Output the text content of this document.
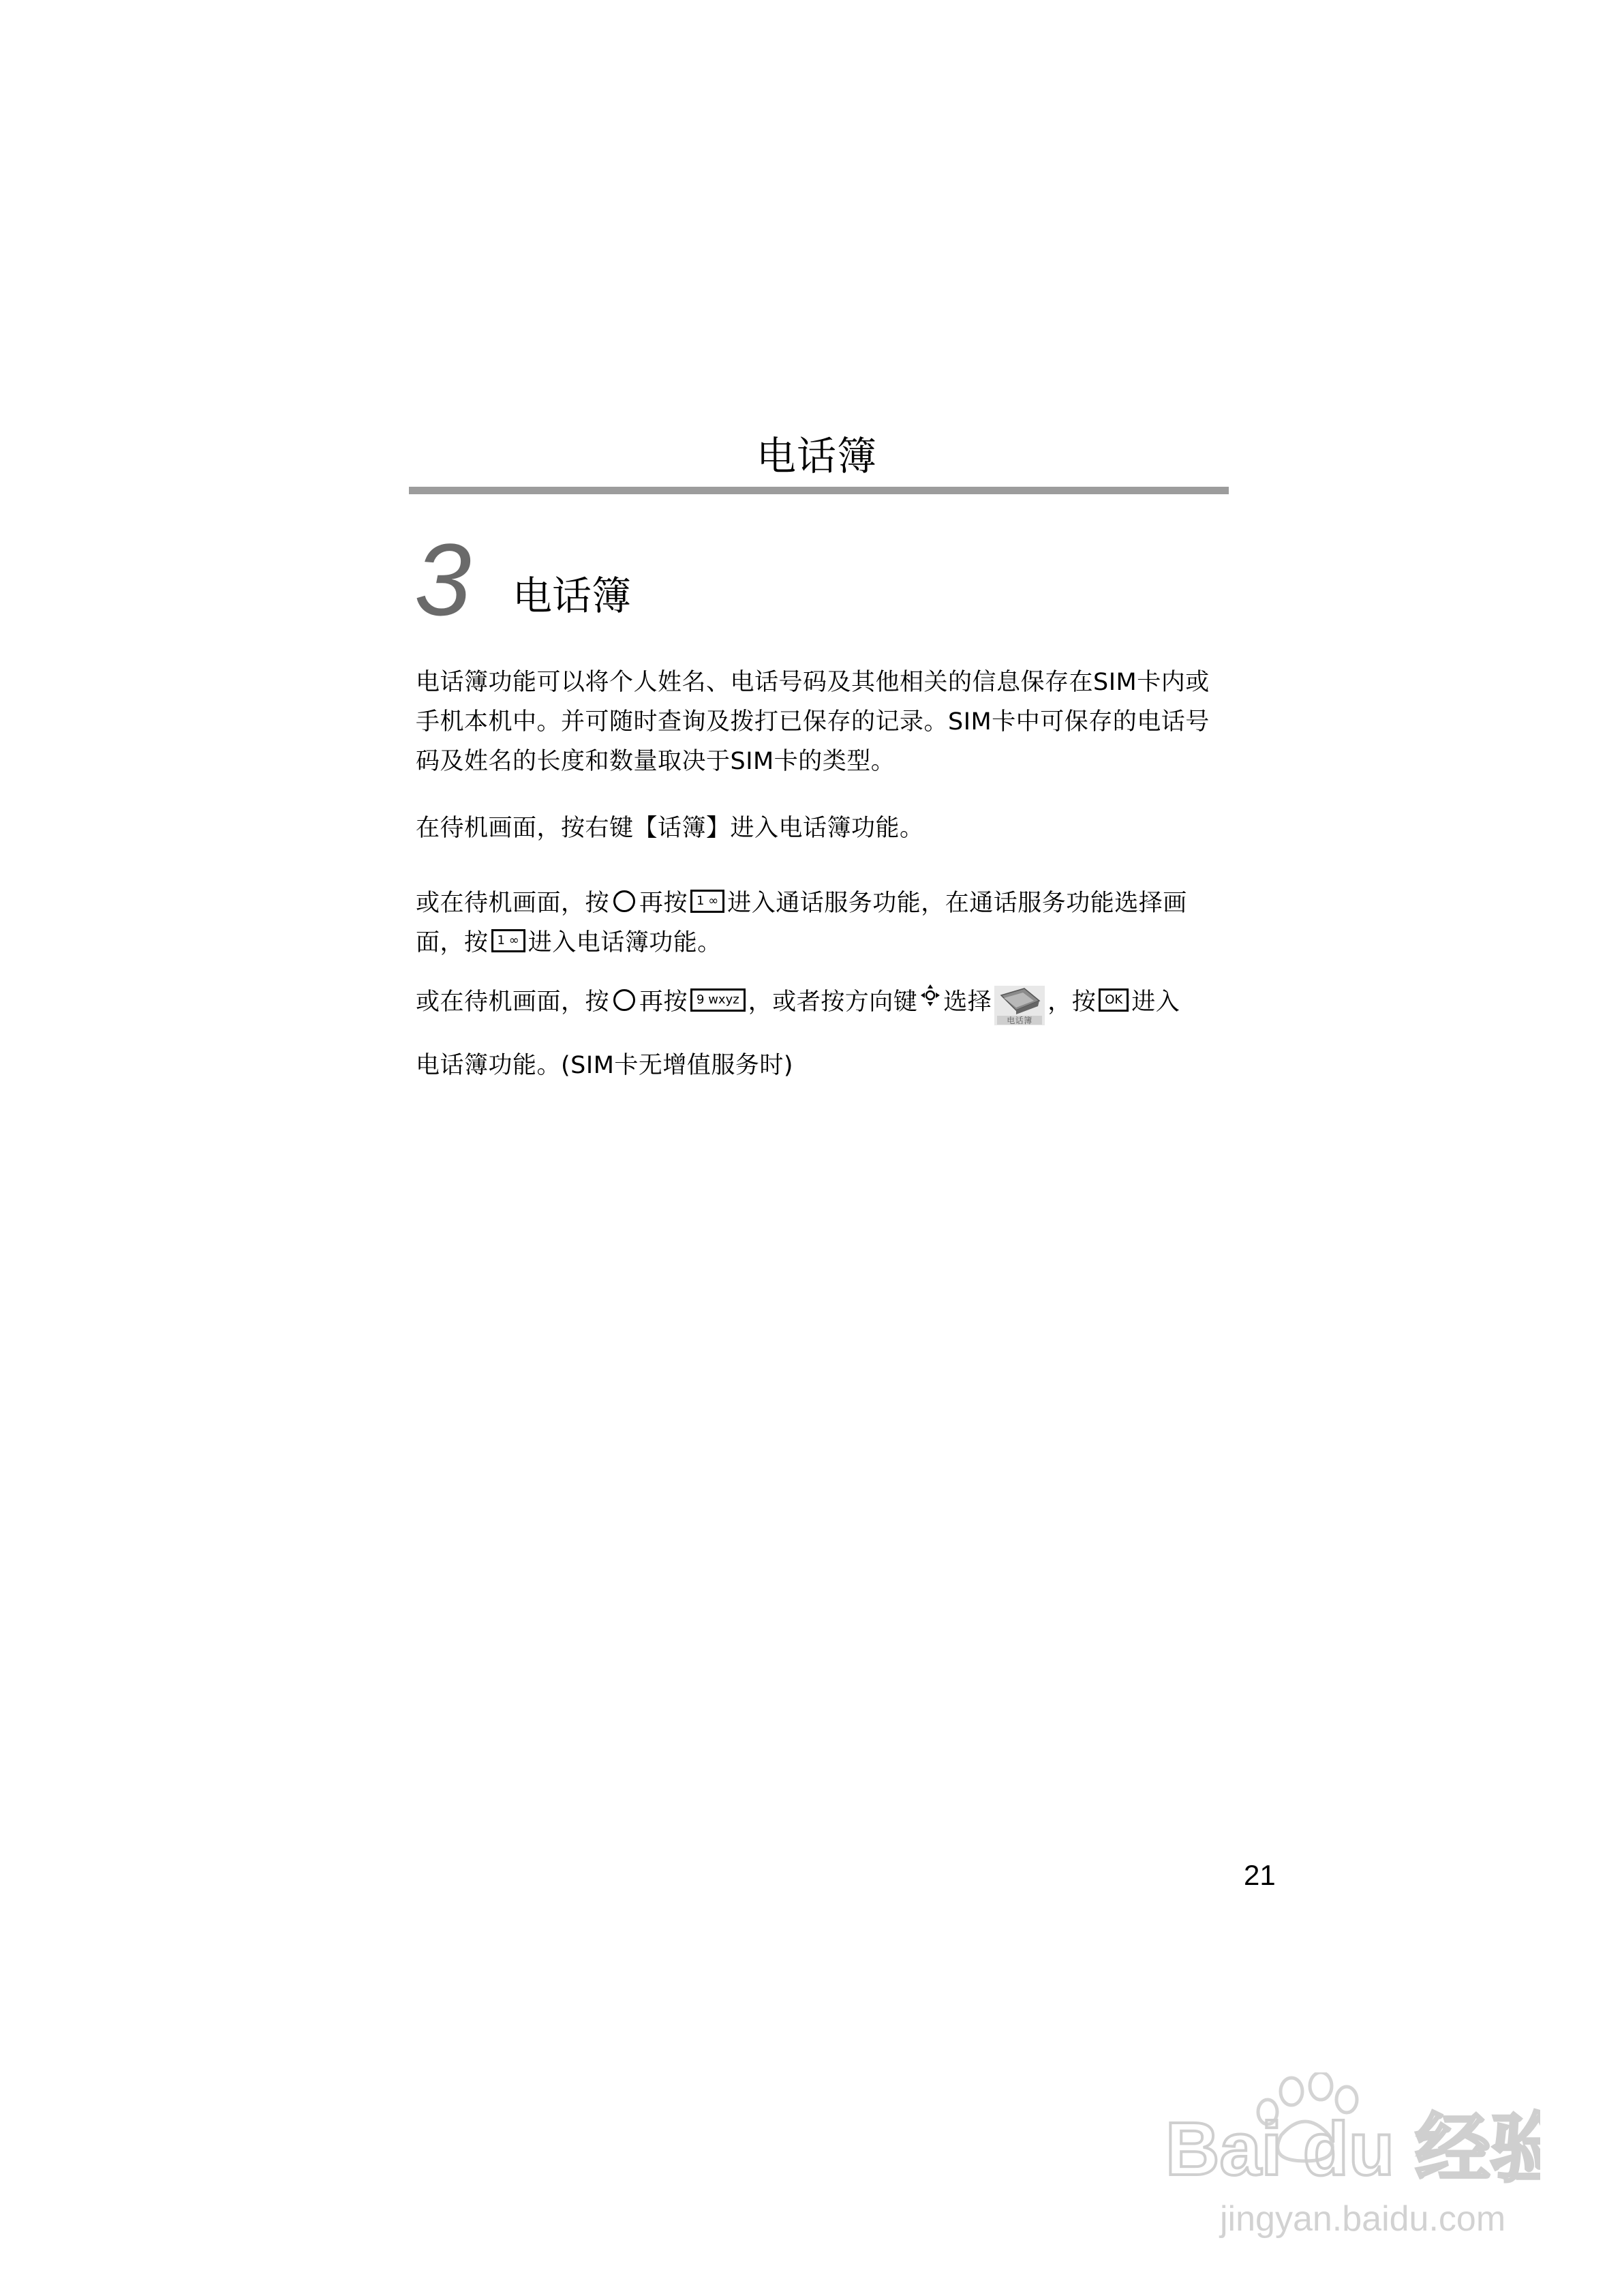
电话簿
3 电话簿
电话簿功能可以将个人姓名、电话号码及其他相关的信息保存在SIM卡内或
手机本机中。并可随时查询及拨打已保存的记录。SIM卡中可保存的电话号
码及姓名的长度和数量取决于SIM卡的类型。
在待机画面，按右键【话簿】进入电话簿功能。
或在待机画面，按 再按 1 ∞ 进入通话服务功能，在通话服务功能选择画
面，按 1 ∞ 进入电话簿功能。
或在待机画面，按 再按 9 wxyz ，或者按方向键 选择
电话簿
，按 OK 进入
电话簿功能。(SIM卡无增值服务时)
21
Bai du 经验
jingyan.baidu.com
